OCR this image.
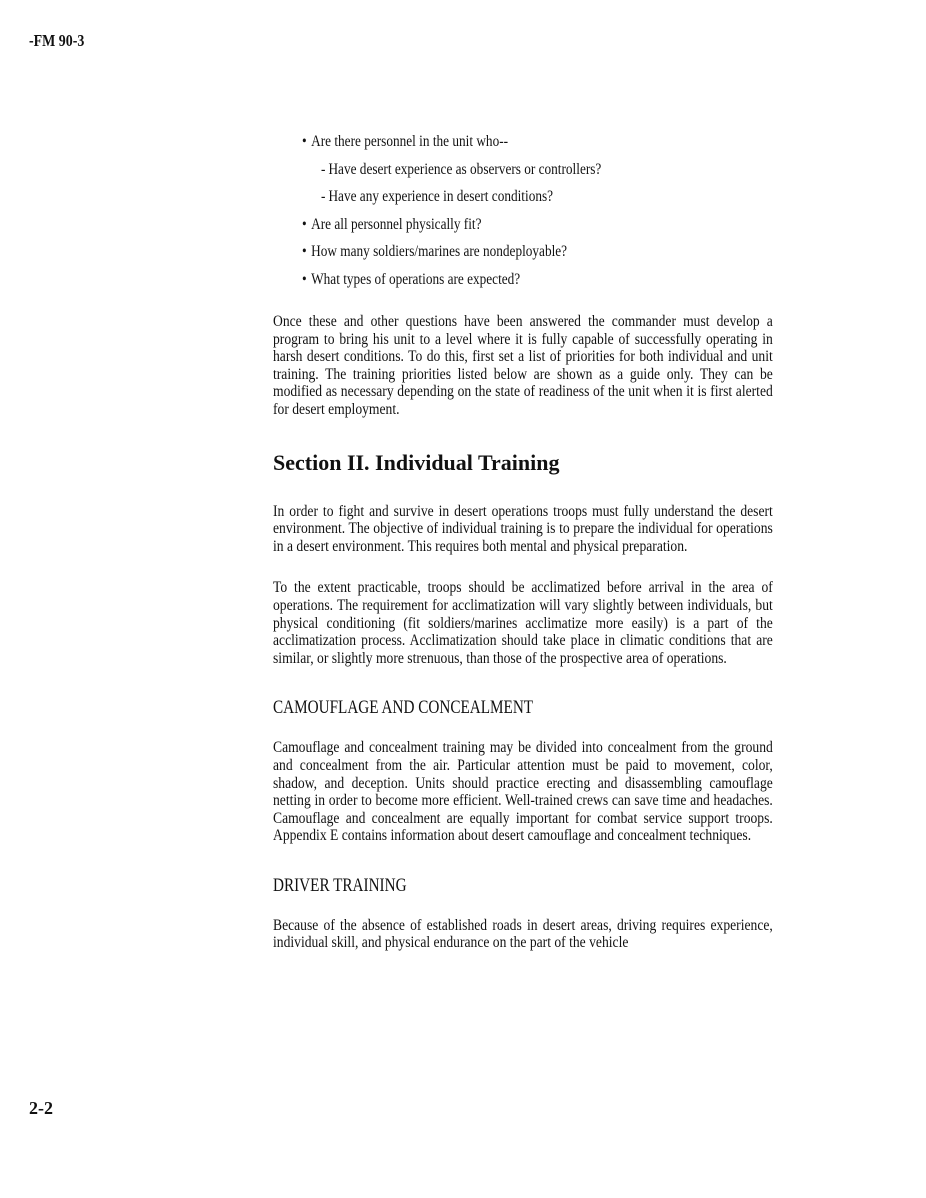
-FM 90-3
• Are there personnel in the unit who--
- Have desert experience as observers or controllers?
- Have any experience in desert conditions?
• Are all personnel physically fit?
• How many soldiers/marines are nondeployable?
• What types of operations are expected?

Once these and other questions have been answered the commander must develop a program to bring his unit to a level where it is fully capable of successfully operating in harsh desert conditions. To do this, first set a list of priorities for both individual and unit training. The training priorities listed below are shown as a guide only. They can be modified as necessary depending on the state of readiness of the unit when it is first alerted for desert employment.

Section II. Individual Training

In order to fight and survive in desert operations troops must fully understand the desert environment. The objective of individual training is to prepare the individual for operations in a desert environment. This requires both mental and physical preparation.

To the extent practicable, troops should be acclimatized before arrival in the area of operations. The requirement for acclimatization will vary slightly between individuals, but physical conditioning (fit soldiers/marines acclimatize more easily) is a part of the acclimatization process. Acclimatization should take place in climatic conditions that are similar, or slightly more strenuous, than those of the prospective area of operations.

CAMOUFLAGE AND CONCEALMENT

Camouflage and concealment training may be divided into concealment from the ground and concealment from the air. Particular attention must be paid to movement, color, shadow, and deception. Units should practice erecting and disassembling camouflage netting in order to become more efficient. Well-trained crews can save time and headaches. Camouflage and concealment are equally important for combat service support troops. Appendix E contains information about desert camouflage and concealment techniques.

DRIVER TRAINING

Because of the absence of established roads in desert areas, driving requires experience, individual skill, and physical endurance on the part of the vehicle

2-2
